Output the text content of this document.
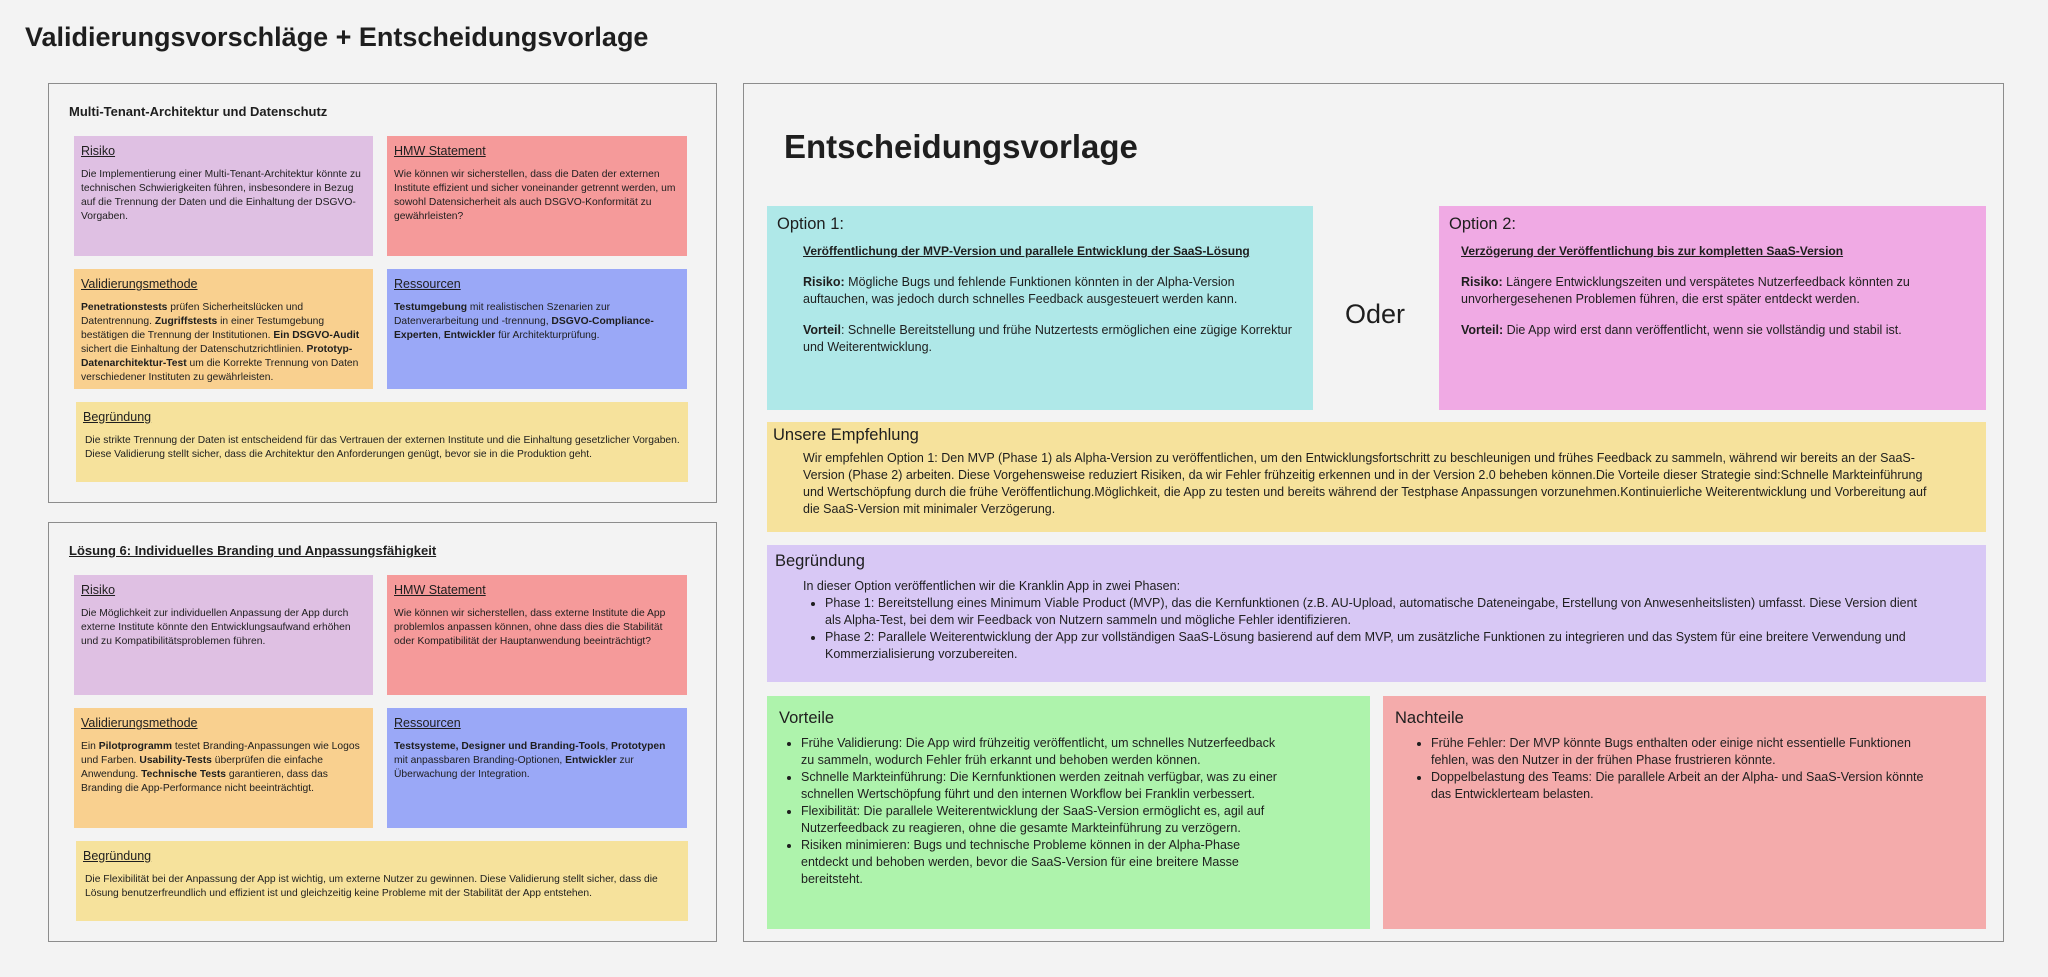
Validierungsvorschläge + Entscheidungsvorlage
Multi-Tenant-Architektur und Datenschutz
Risiko
Die Implementierung einer Multi-Tenant-Architektur könnte zu technischen Schwierigkeiten führen, insbesondere in Bezug auf die Trennung der Daten und die Einhaltung der DSGVO-Vorgaben.
HMW Statement
Wie können wir sicherstellen, dass die Daten der externen Institute effizient und sicher voneinander getrennt werden, um sowohl Datensicherheit als auch DSGVO-Konformität zu gewährleisten?
Validierungsmethode
Penetrationstests prüfen Sicherheitslücken und Datentrennung. Zugriffstests in einer Testumgebung bestätigen die Trennung der Institutionen. Ein DSGVO-Audit sichert die Einhaltung der Datenschutzrichtlinien. Prototyp-Datenarchitektur-Test um die Korrekte Trennung von Daten verschiedener Instituten zu gewährleisten.
Ressourcen
Testumgebung mit realistischen Szenarien zur Datenverarbeitung und -trennung, DSGVO-Compliance-Experten, Entwickler für Architekturprüfung.
Begründung
Die strikte Trennung der Daten ist entscheidend für das Vertrauen der externen Institute und die Einhaltung gesetzlicher Vorgaben. Diese Validierung stellt sicher, dass die Architektur den Anforderungen genügt, bevor sie in die Produktion geht.
Lösung 6: Individuelles Branding und Anpassungsfähigkeit
Risiko
Die Möglichkeit zur individuellen Anpassung der App durch externe Institute könnte den Entwicklungsaufwand erhöhen und zu Kompatibilitätsproblemen führen.
HMW Statement
Wie können wir sicherstellen, dass externe Institute die App problemlos anpassen können, ohne dass dies die Stabilität oder Kompatibilität der Hauptanwendung beeinträchtigt?
Validierungsmethode
Ein Pilotprogramm testet Branding-Anpassungen wie Logos und Farben. Usability-Tests überprüfen die einfache Anwendung. Technische Tests garantieren, dass das Branding die App-Performance nicht beeinträchtigt.
Ressourcen
Testsysteme, Designer und Branding-Tools, Prototypen mit anpassbaren Branding-Optionen, Entwickler zur Überwachung der Integration.
Begründung
Die Flexibilität bei der Anpassung der App ist wichtig, um externe Nutzer zu gewinnen. Diese Validierung stellt sicher, dass die Lösung benutzerfreundlich und effizient ist und gleichzeitig keine Probleme mit der Stabilität der App entstehen.
Entscheidungsvorlage
Option 1:
Veröffentlichung der MVP-Version und parallele Entwicklung der SaaS-Lösung

Risiko: Mögliche Bugs und fehlende Funktionen könnten in der Alpha-Version auftauchen, was jedoch durch schnelles Feedback ausgesteuert werden kann.

Vorteil: Schnelle Bereitstellung und frühe Nutzertests ermöglichen eine zügige Korrektur und Weiterentwicklung.

Oder
Option 2:
Verzögerung der Veröffentlichung bis zur kompletten SaaS-Version

Risiko: Längere Entwicklungszeiten und verspätetes Nutzerfeedback könnten zu unvorhergesehenen Problemen führen, die erst später entdeckt werden.

Vorteil: Die App wird erst dann veröffentlicht, wenn sie vollständig und stabil ist.

Unsere Empfehlung
Wir empfehlen Option 1: Den MVP (Phase 1) als Alpha-Version zu veröffentlichen, um den Entwicklungsfortschritt zu beschleunigen und frühes Feedback zu sammeln, während wir bereits an der SaaS-Version (Phase 2) arbeiten. Diese Vorgehensweise reduziert Risiken, da wir Fehler frühzeitig erkennen und in der Version 2.0 beheben können.Die Vorteile dieser Strategie sind:Schnelle Markteinführung und Wertschöpfung durch die frühe Veröffentlichung.Möglichkeit, die App zu testen und bereits während der Testphase Anpassungen vorzunehmen.Kontinuierliche Weiterentwicklung und Vorbereitung auf die SaaS-Version mit minimaler Verzögerung.
Begründung
In dieser Option veröffentlichen wir die Kranklin App in zwei Phasen:
• Phase 1: Bereitstellung eines Minimum Viable Product (MVP), das die Kernfunktionen (z.B. AU-Upload, automatische Dateneingabe, Erstellung von Anwesenheitslisten) umfasst. Diese Version dient als Alpha-Test, bei dem wir Feedback von Nutzern sammeln und mögliche Fehler identifizieren.
• Phase 2: Parallele Weiterentwicklung der App zur vollständigen SaaS-Lösung basierend auf dem MVP, um zusätzliche Funktionen zu integrieren und das System für eine breitere Verwendung und Kommerzialisierung vorzubereiten.
Vorteile
• Frühe Validierung: Die App wird frühzeitig veröffentlicht, um schnelles Nutzerfeedback zu sammeln, wodurch Fehler früh erkannt und behoben werden können.
• Schnelle Markteinführung: Die Kernfunktionen werden zeitnah verfügbar, was zu einer schnellen Wertschöpfung führt und den internen Workflow bei Franklin verbessert.
• Flexibilität: Die parallele Weiterentwicklung der SaaS-Version ermöglicht es, agil auf Nutzerfeedback zu reagieren, ohne die gesamte Markteinführung zu verzögern.
• Risiken minimieren: Bugs und technische Probleme können in der Alpha-Phase entdeckt und behoben werden, bevor die SaaS-Version für eine breitere Masse bereitsteht.
Nachteile
• Frühe Fehler: Der MVP könnte Bugs enthalten oder einige nicht essentielle Funktionen fehlen, was den Nutzer in der frühen Phase frustrieren könnte.
• Doppelbelastung des Teams: Die parallele Arbeit an der Alpha- und SaaS-Version könnte das Entwicklerteam belasten.
